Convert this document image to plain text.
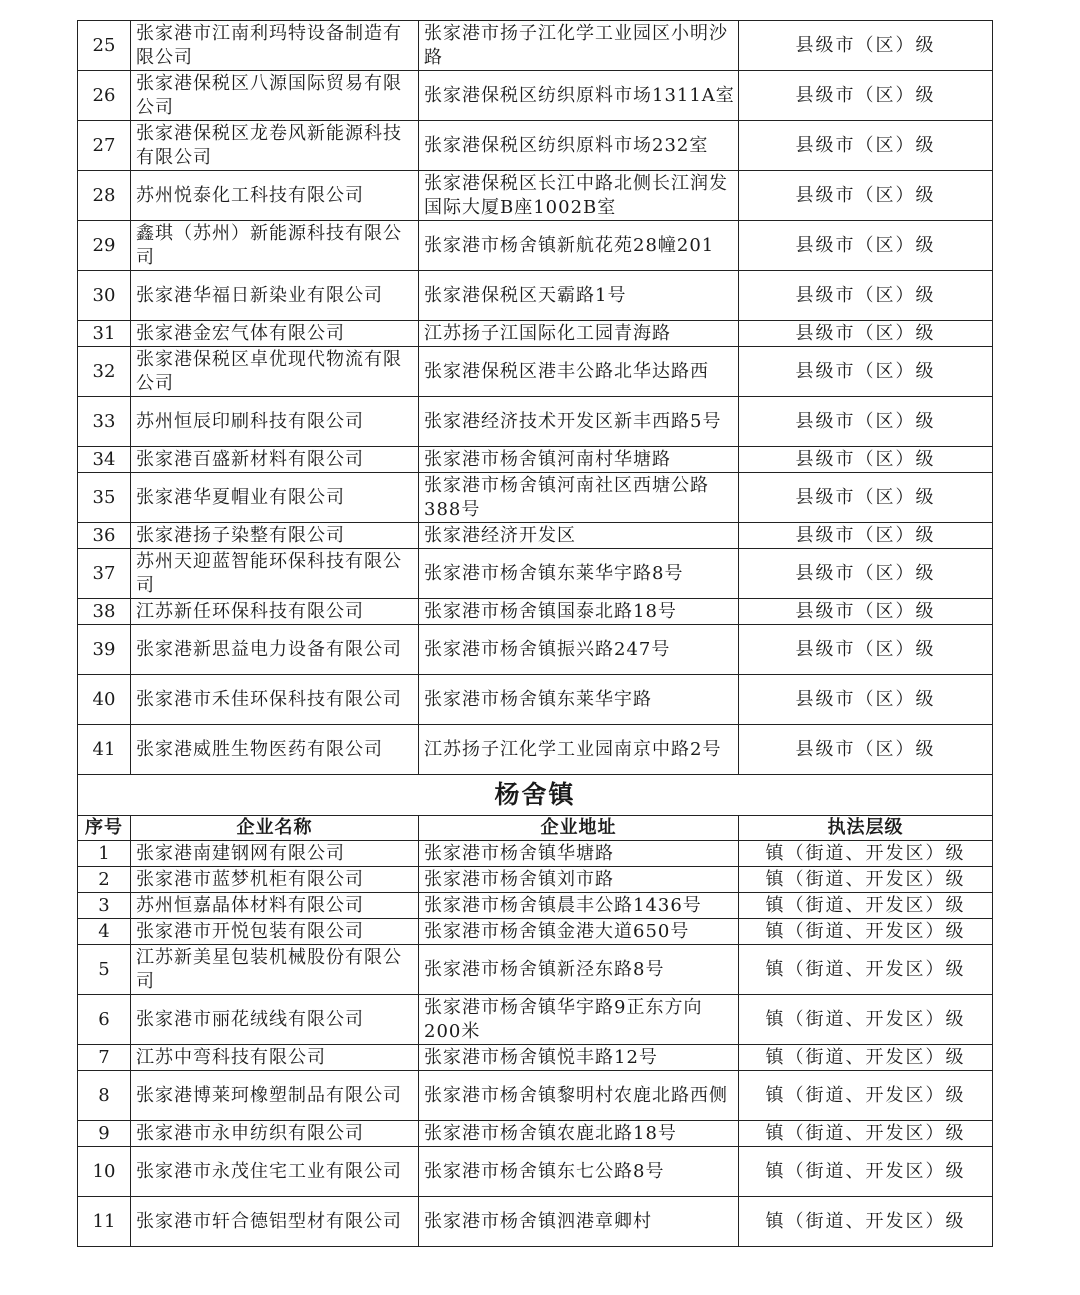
25	张家港市江南利玛特设备制造有限公司	张家港市扬子江化学工业园区小明沙路	县级市（区）级
26	张家港保税区八源国际贸易有限公司	张家港保税区纺织原料市场1311A室	县级市（区）级
27	张家港保税区龙卷风新能源科技有限公司	张家港保税区纺织原料市场232室	县级市（区）级
28	苏州悦泰化工科技有限公司	张家港保税区长江中路北侧长江润发国际大厦B座1002B室	县级市（区）级
29	鑫琪（苏州）新能源科技有限公司	张家港市杨舍镇新航花苑28幢201	县级市（区）级
30	张家港华福日新染业有限公司	张家港保税区天霸路1号	县级市（区）级
31	张家港金宏气体有限公司	江苏扬子江国际化工园青海路	县级市（区）级
32	张家港保税区卓优现代物流有限公司	张家港保税区港丰公路北华达路西	县级市（区）级
33	苏州恒辰印刷科技有限公司	张家港经济技术开发区新丰西路5号	县级市（区）级
34	张家港百盛新材料有限公司	张家港市杨舍镇河南村华塘路	县级市（区）级
35	张家港华夏帽业有限公司	张家港市杨舍镇河南社区西塘公路388号	县级市（区）级
36	张家港扬子染整有限公司	张家港经济开发区	县级市（区）级
37	苏州天迎蓝智能环保科技有限公司	张家港市杨舍镇东莱华宇路8号	县级市（区）级
38	江苏新任环保科技有限公司	张家港市杨舍镇国泰北路18号	县级市（区）级
39	张家港新思益电力设备有限公司	张家港市杨舍镇振兴路247号	县级市（区）级
40	张家港市禾佳环保科技有限公司	张家港市杨舍镇东莱华宇路	县级市（区）级
41	张家港威胜生物医药有限公司	江苏扬子江化学工业园南京中路2号	县级市（区）级
杨舍镇			
序号	企业名称	企业地址	执法层级
1	张家港南建钢网有限公司	张家港市杨舍镇华塘路	镇（街道、开发区）级
2	张家港市蓝梦机柜有限公司	张家港市杨舍镇刘市路	镇（街道、开发区）级
3	苏州恒嘉晶体材料有限公司	张家港市杨舍镇晨丰公路1436号	镇（街道、开发区）级
4	张家港市开悦包装有限公司	张家港市杨舍镇金港大道650号	镇（街道、开发区）级
5	江苏新美星包装机械股份有限公司	张家港市杨舍镇新泾东路8号	镇（街道、开发区）级
6	张家港市丽花绒线有限公司	张家港市杨舍镇华宇路9正东方向200米	镇（街道、开发区）级
7	江苏中弯科技有限公司	张家港市杨舍镇悦丰路12号	镇（街道、开发区）级
8	张家港博莱珂橡塑制品有限公司	张家港市杨舍镇黎明村农鹿北路西侧	镇（街道、开发区）级
9	张家港市永申纺织有限公司	张家港市杨舍镇农鹿北路18号	镇（街道、开发区）级
10	张家港市永茂住宅工业有限公司	张家港市杨舍镇东七公路8号	镇（街道、开发区）级
11	张家港市轩合德铝型材有限公司	张家港市杨舍镇泗港章卿村	镇（街道、开发区）级
